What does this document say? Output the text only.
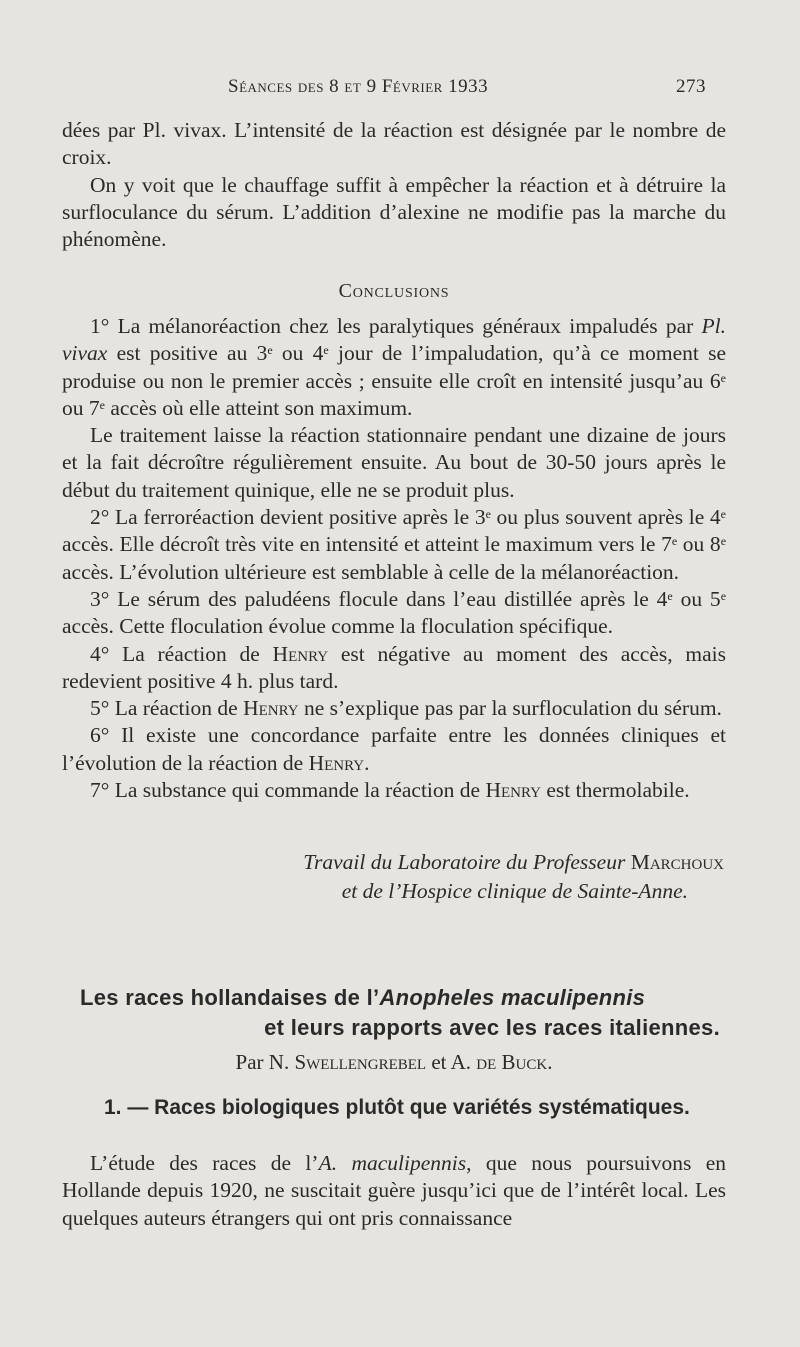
Séances des 8 et 9 Février 1933	273

dées par Pl. vivax. L’intensité de la réaction est désignée par le nombre de croix.

On y voit que le chauffage suffit à empêcher la réaction et à détruire la surfloculance du sérum. L’addition d’alexine ne modifie pas la marche du phénomène.

Conclusions

1° La mélanoréaction chez les paralytiques généraux impaludés par Pl. vivax est positive au 3e ou 4e jour de l’impaludation, qu’à ce moment se produise ou non le premier accès ; ensuite elle croît en intensité jusqu’au 6e ou 7e accès où elle atteint son maximum.

Le traitement laisse la réaction stationnaire pendant une dizaine de jours et la fait décroître régulièrement ensuite. Au bout de 30-50 jours après le début du traitement quinique, elle ne se produit plus.

2° La ferroréaction devient positive après le 3e ou plus souvent après le 4e accès. Elle décroît très vite en intensité et atteint le maximum vers le 7e ou 8e accès. L’évolution ultérieure est semblable à celle de la mélanoréaction.

3° Le sérum des paludéens flocule dans l’eau distillée après le 4e ou 5e accès. Cette floculation évolue comme la floculation spécifique.

4° La réaction de Henry est négative au moment des accès, mais redevient positive 4 h. plus tard.

5° La réaction de Henry ne s’explique pas par la surfloculation du sérum.

6° Il existe une concordance parfaite entre les données cliniques et l’évolution de la réaction de Henry.

7° La substance qui commande la réaction de Henry est thermolabile.

Travail du Laboratoire du Professeur Marchoux
et de l’Hospice clinique de Sainte-Anne.
Les races hollandaises de l’Anopheles maculipennis
et leurs rapports avec les races italiennes.
Par N. Swellengrebel et A. de Buck.
1. — Races biologiques plutôt que variétés systématiques.

L’étude des races de l’A. maculipennis, que nous poursuivons en Hollande depuis 1920, ne suscitait guère jusqu’ici que de l’intérêt local. Les quelques auteurs étrangers qui ont pris connaissance
